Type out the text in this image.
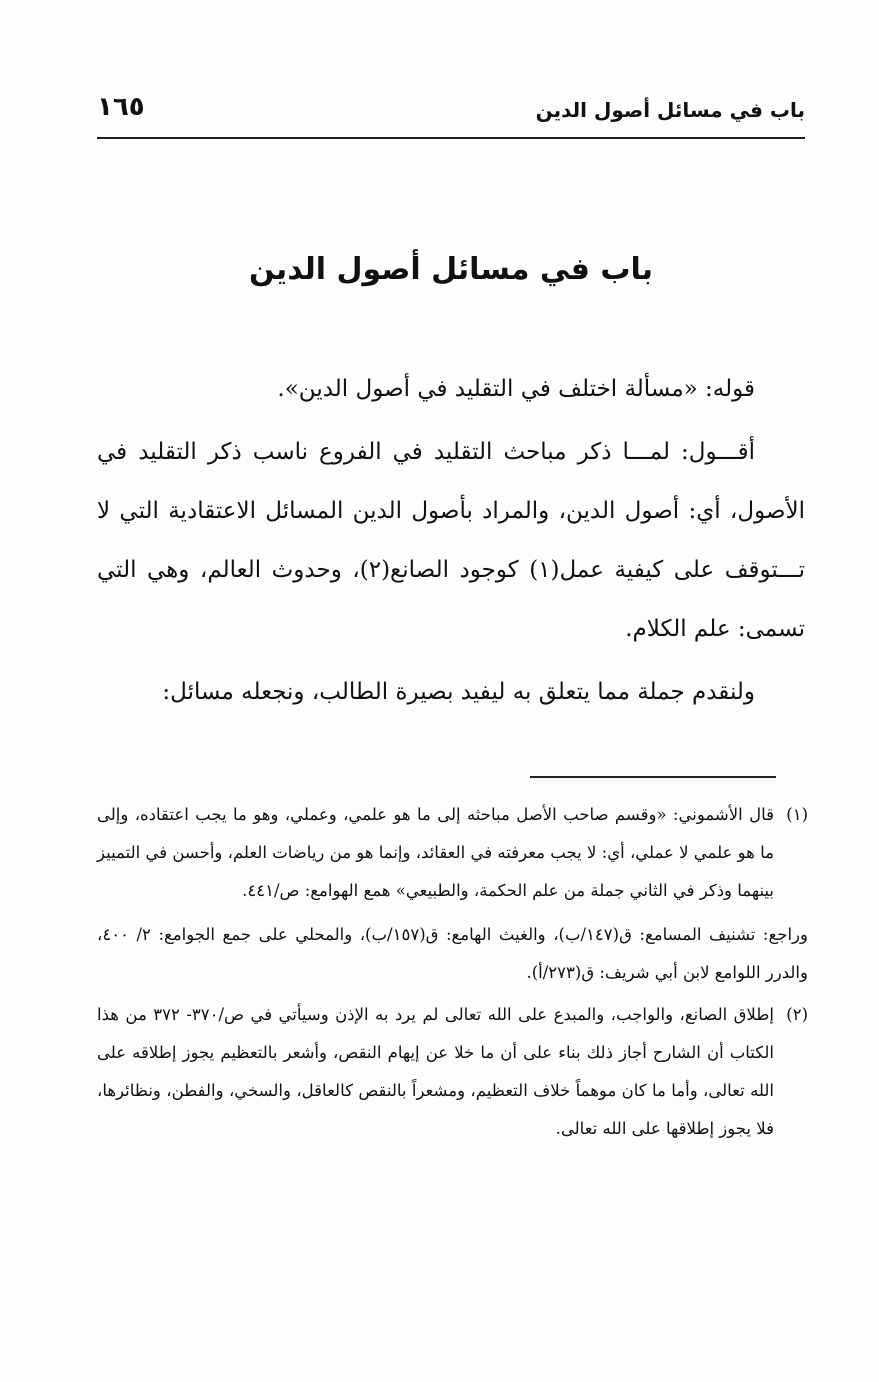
باب في مسائل أصول الدين
١٦٥
باب في مسائل أصول الدين

قوله: «مسألة اختلف في التقليد في أصول الدين».

أقـــول: لمـــا ذكر مباحث التقليد في الفروع ناسب ذكر التقليد في الأصول، أي: أصول الدين، والمراد بأصول الدين المسائل الاعتقادية التي لا تـــتوقف على كيفية عمل(١) كوجود الصانع(٢)، وحدوث العالم، وهي التي تسمى: علم الكلام.

ولنقدم جملة مما يتعلق به ليفيد بصيرة الطالب، ونجعله مسائل:

(١)

قال الأشموني: «وقسم صاحب الأصل مباحثه إلى ما هو علمي، وعملي، وهو ما يجب اعتقاده، وإلى ما هو علمي لا عملي، أي: لا يجب معرفته في العقائد، وإنما هو من رياضات العلم، وأحسن في التمييز بينهما وذكر في الثاني جملة من علم الحكمة، والطبيعي» همع الهوامع: ص/٤٤١.

وراجع: تشنيف المسامع: ق(١٤٧/ب)، والغيث الهامع: ق(١٥٧/ب)، والمحلي على جمع الجوامع: ٢/ ٤٠٠، والدرر اللوامع لابن أبي شريف: ق(٢٧٣/أ).

(٢)

إطلاق الصانع، والواجب، والمبدع على الله تعالى لم يرد به الإذن وسيأتي في ص/٣٧٠- ٣٧٢ من هذا الكتاب أن الشارح أجاز ذلك بناء على أن ما خلا عن إيهام النقص، وأشعر بالتعظيم يجوز إطلاقه على الله تعالى، وأما ما كان موهماً خلاف التعظيم، ومشعراً بالنقص كالعاقل، والسخي، والفطن، ونظائرها، فلا يجوز إطلاقها على الله تعالى.
